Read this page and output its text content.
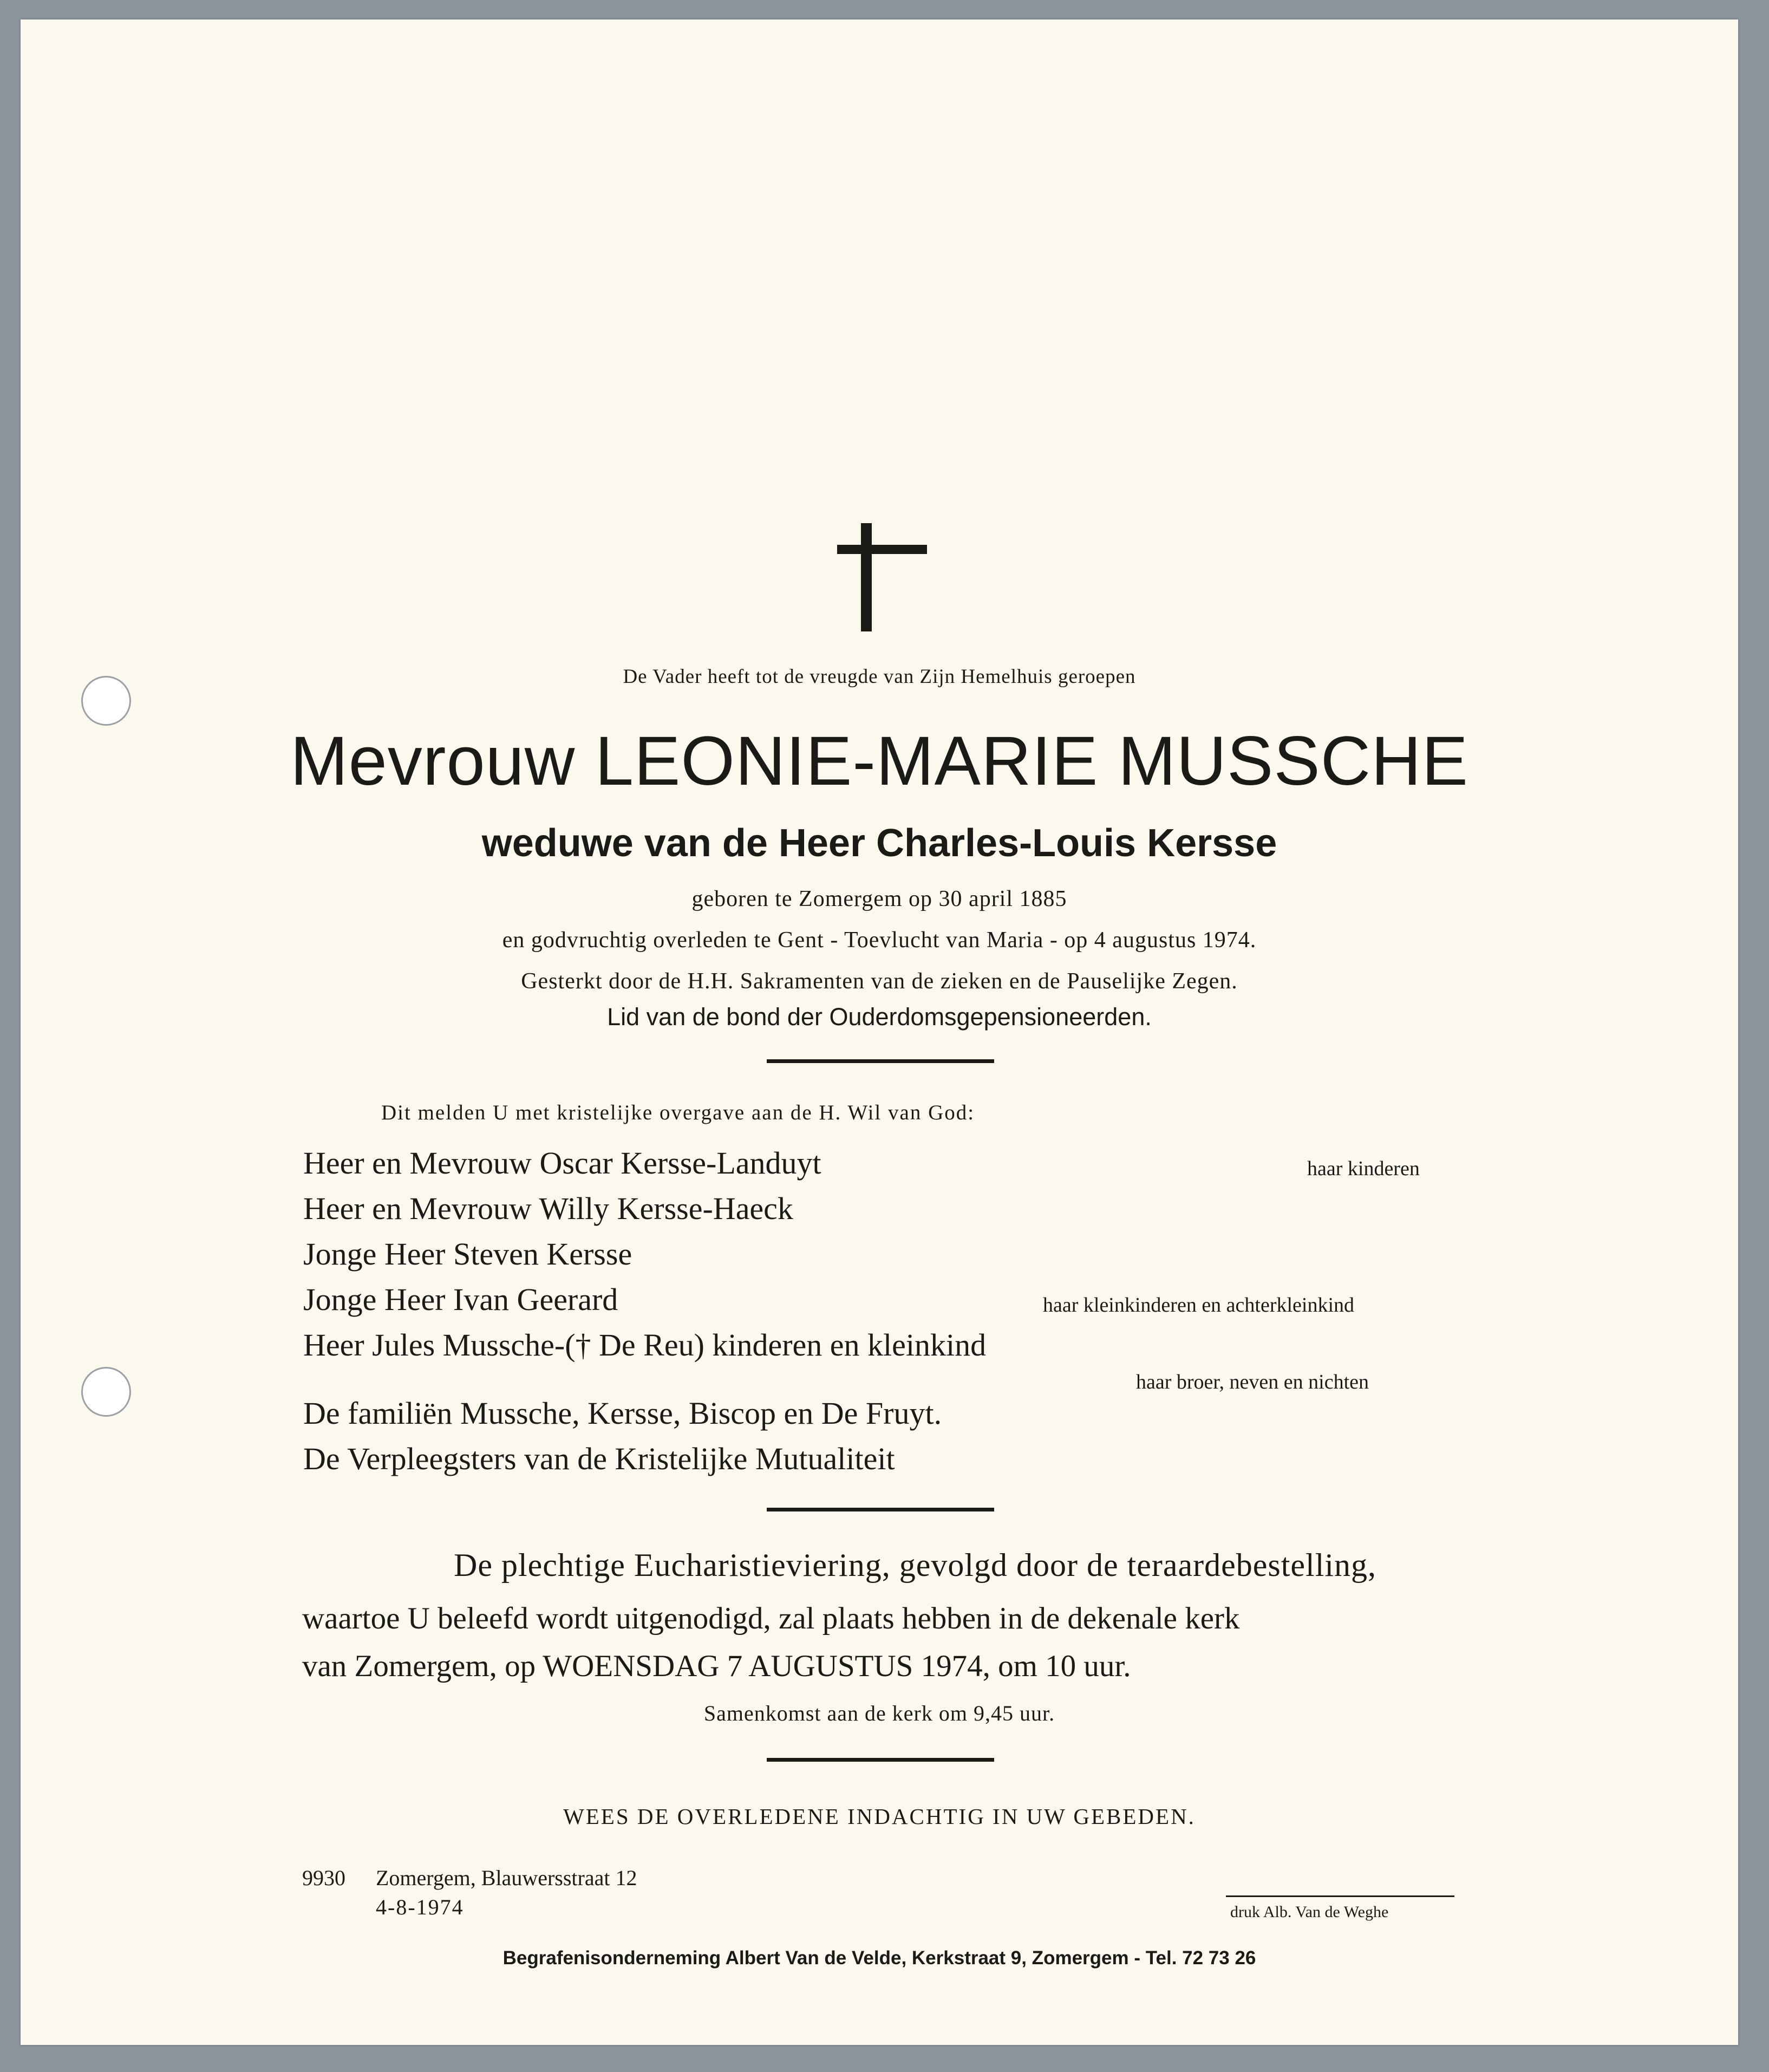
De Vader heeft tot de vreugde van Zijn Hemelhuis geroepen
Mevrouw LEONIE-MARIE MUSSCHE
weduwe van de Heer Charles-Louis Kersse
geboren te Zomergem op 30 april 1885
en godvruchtig overleden te Gent - Toevlucht van Maria - op 4 augustus 1974.
Gesterkt door de H.H. Sakramenten van de zieken en de Pauselijke Zegen.
Lid van de bond der Ouderdomsgepensioneerden.
Dit melden U met kristelijke overgave aan de H. Wil van God:
Heer en Mevrouw Oscar Kersse-Landuyt
Heer en Mevrouw Willy Kersse-Haeck
Jonge Heer Steven Kersse
Jonge Heer Ivan Geerard
Heer Jules Mussche-(† De Reu) kinderen en kleinkind
De familiën Mussche, Kersse, Biscop en De Fruyt.
De Verpleegsters van de Kristelijke Mutualiteit
haar kinderen
haar kleinkinderen en achterkleinkind
haar broer, neven en nichten
De plechtige Eucharistieviering, gevolgd door de teraardebestelling,
waartoe U beleefd wordt uitgenodigd, zal plaats hebben in de dekenale kerk
van Zomergem, op WOENSDAG 7 AUGUSTUS 1974, om 10 uur.
Samenkomst aan de kerk om 9,45 uur.
WEES DE OVERLEDENE INDACHTIG IN UW GEBEDEN.
9930 Zomergem, Blauwersstraat 12
4-8-1974	druk Alb. Van de Weghe
Begrafenisonderneming Albert Van de Velde, Kerkstraat 9, Zomergem - Tel. 72 73 26
